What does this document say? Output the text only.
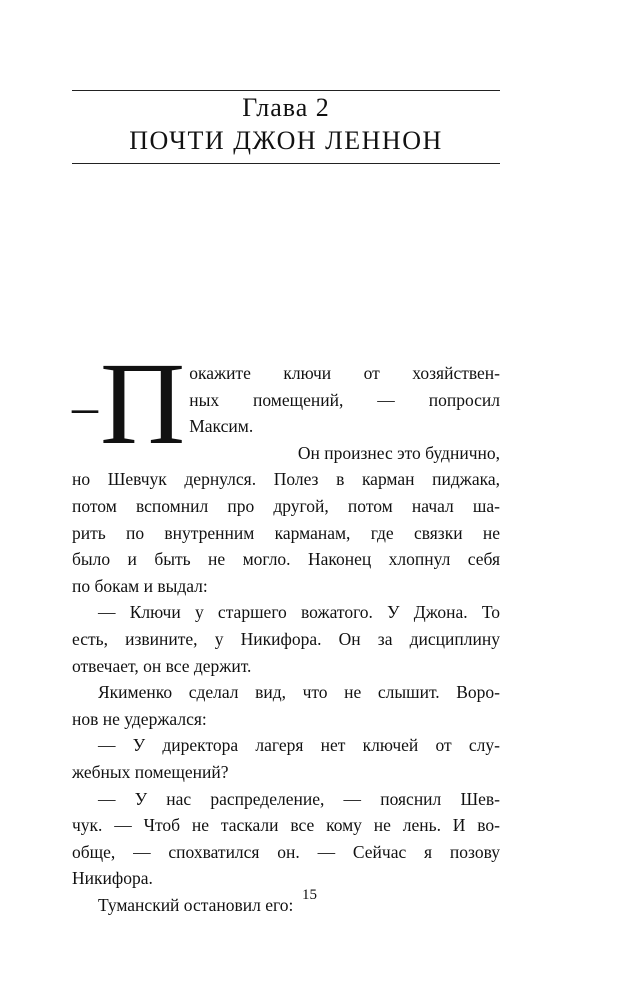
Глава 2
ПОЧТИ ДЖОН ЛЕННОН
– П окажите ключи от хозяйствен-
ных помещений, — попросил
Максим.
Он произнес это буднично,
но Шевчук дернулся. Полез в карман пиджака,
потом вспомнил про другой, потом начал ша-
рить по внутренним карманам, где связки не
было и быть не могло. Наконец хлопнул себя
по бокам и выдал:
— Ключи у старшего вожатого. У Джона. То
есть, извините, у Никифора. Он за дисциплину
отвечает, он все держит.
Якименко сделал вид, что не слышит. Воро-
нов не удержался:
— У директора лагеря нет ключей от слу-
жебных помещений?
— У нас распределение, — пояснил Шев-
чук. — Чтоб не таскали все кому не лень. И во-
обще, — спохватился он. — Сейчас я позову
Никифора.
Туманский остановил его: 15
